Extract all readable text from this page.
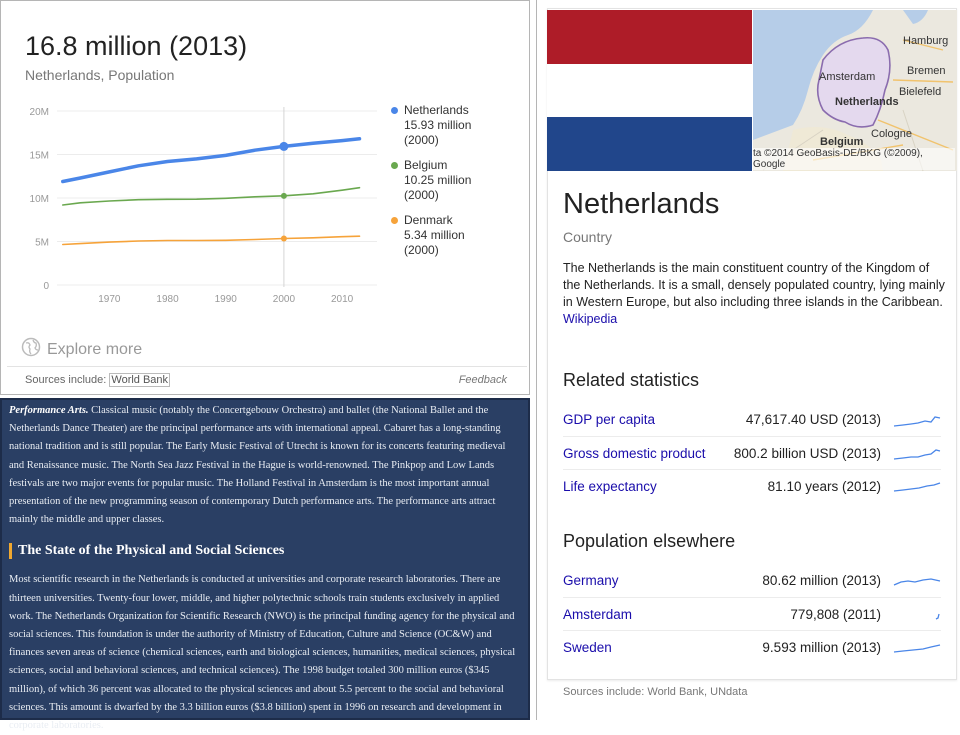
16.8 million (2013)
Netherlands, Population
20M
15M
10M
5M
0
1970	1980	1990	2000	2010
Netherlands
15.93 million
(2000)
Belgium
10.25 million
(2000)
Denmark
5.34 million
(2000)
Explore more
Sources include: World Bank	Feedback

Performance Arts. Classical music (notably the Concertgebouw Orchestra) and ballet (the National Ballet and the Netherlands Dance Theater) are the principal performance arts with international appeal. Cabaret has a long-standing national tradition and is still popular. The Early Music Festival of Utrecht is known for its concerts featuring medieval and Renaissance music. The North Sea Jazz Festival in the Hague is world-renowned. The Pinkpop and Low Lands festivals are two major events for popular music. The Holland Festival in Amsterdam is the most important annual presentation of the new programming season of contemporary Dutch performance arts. The performance arts attract mainly the middle and upper classes.

The State of the Physical and Social Sciences

Most scientific research in the Netherlands is conducted at universities and corporate research laboratories. There are thirteen universities. Twenty-four lower, middle, and higher polytechnic schools train students exclusively in applied work. The Netherlands Organization for Scientific Research (NWO) is the principal funding agency for the physical and social sciences. This foundation is under the authority of Ministry of Education, Culture and Science (OC&W) and finances seven areas of science (chemical sciences, earth and biological sciences, humanities, medical sciences, physical sciences, social and behavioral sciences, and technical sciences). The 1998 budget totaled 300 million euros ($345 million), of which 36 percent was allocated to the physical sciences and about 5.5 percent to the social and behavioral sciences. This amount is dwarfed by the 3.3 billion euros ($3.8 billion) spent in 1996 on research and development in corporate laboratories.

Hamburg
Bremen
Amsterdam
Bielefeld
Netherlands
Cologne
Belgium
ta ©2014 GeoBasis-DE/BKG (©2009), Google
Netherlands
Country
The Netherlands is the main constituent country of the Kingdom of the Netherlands. It is a small, densely populated country, lying mainly in Western Europe, but also including three islands in the Caribbean.
Wikipedia
Related statistics
GDP per capita	47,617.40 USD (2013)
Gross domestic product	800.2 billion USD (2013)
Life expectancy	81.10 years (2012)
Population elsewhere
Germany	80.62 million (2013)
Amsterdam	779,808 (2011)
Sweden	9.593 million (2013)
Sources include: World Bank, UNdata
